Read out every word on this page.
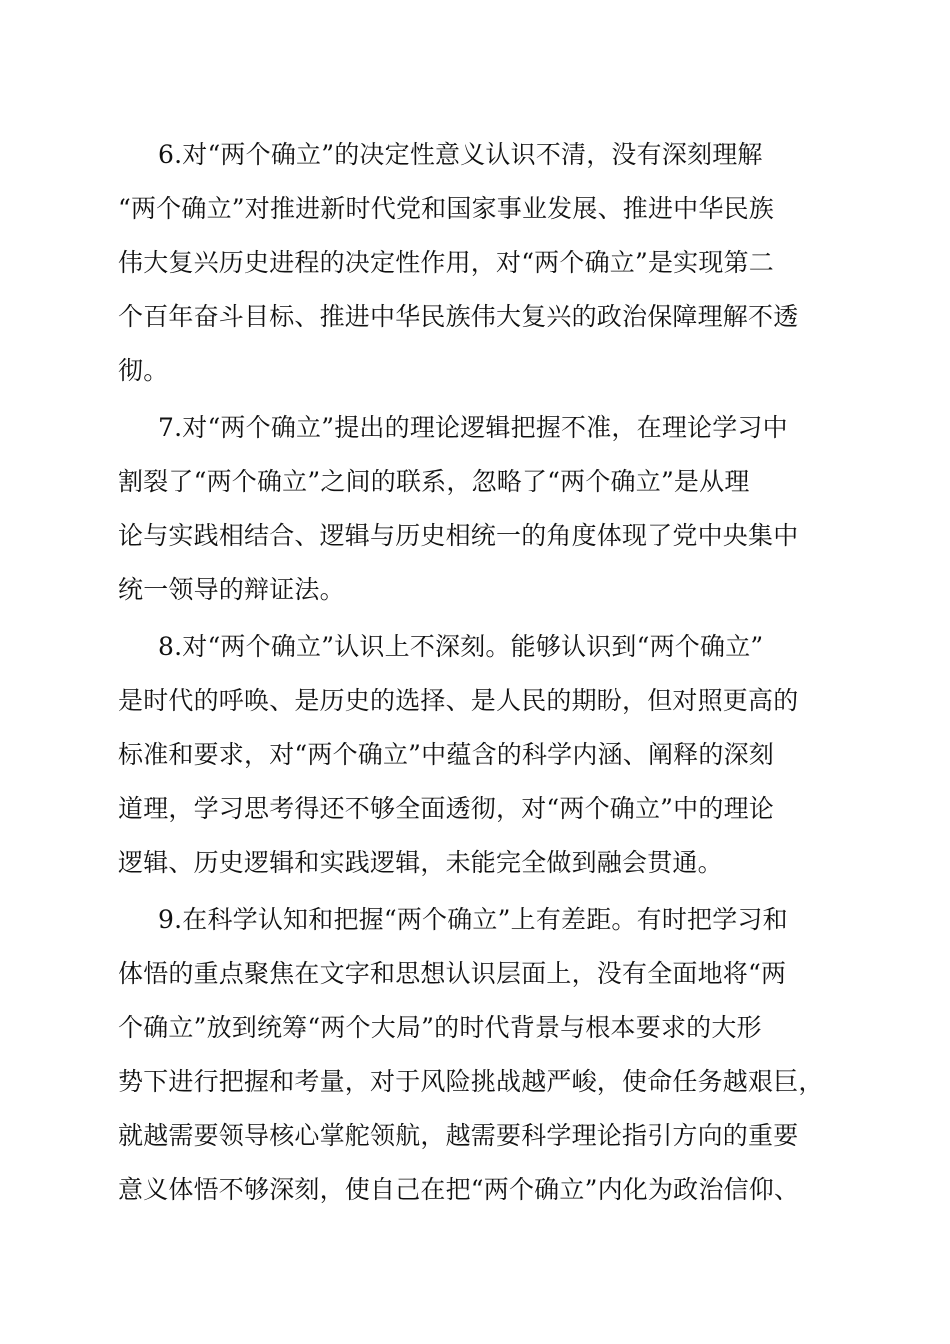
6.对“两个确立”的决定性意义认识不清，没有深刻理解
“两个确立”对推进新时代党和国家事业发展、推进中华民族
伟大复兴历史进程的决定性作用，对“两个确立”是实现第二
个百年奋斗目标、推进中华民族伟大复兴的政治保障理解不透
彻。
7.对“两个确立”提出的理论逻辑把握不准，在理论学习中
割裂了“两个确立”之间的联系，忽略了“两个确立”是从理
论与实践相结合、逻辑与历史相统一的角度体现了党中央集中
统一领导的辩证法。
8.对“两个确立”认识上不深刻。能够认识到“两个确立”
是时代的呼唤、是历史的选择、是人民的期盼，但对照更高的
标准和要求，对“两个确立”中蕴含的科学内涵、阐释的深刻
道理，学习思考得还不够全面透彻，对“两个确立”中的理论
逻辑、历史逻辑和实践逻辑，未能完全做到融会贯通。
9.在科学认知和把握“两个确立”上有差距。有时把学习和
体悟的重点聚焦在文字和思想认识层面上，没有全面地将“两
个确立”放到统筹“两个大局”的时代背景与根本要求的大形
势下进行把握和考量，对于风险挑战越严峻，使命任务越艰巨，
就越需要领导核心掌舵领航，越需要科学理论指引方向的重要
意义体悟不够深刻，使自己在把“两个确立”内化为政治信仰、
